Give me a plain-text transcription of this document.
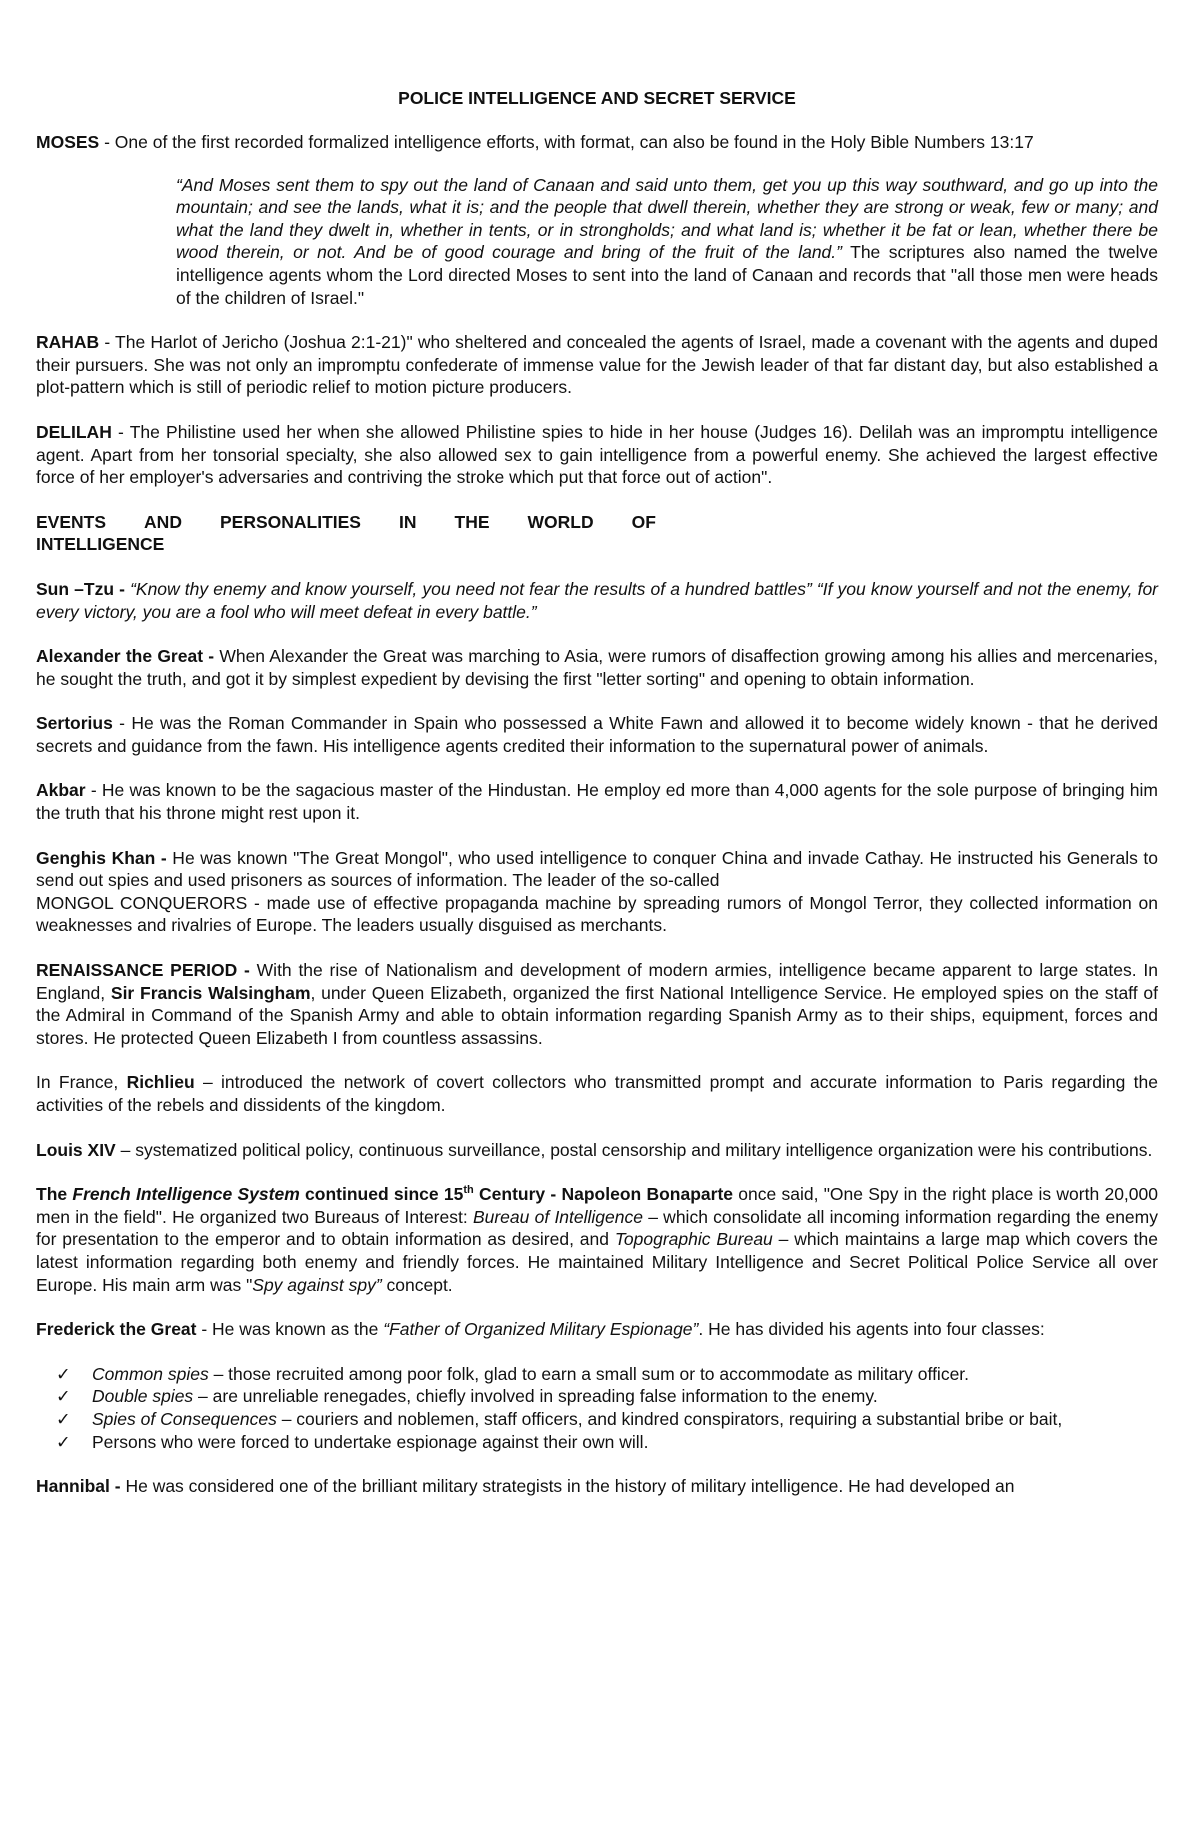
POLICE INTELLIGENCE AND SECRET SERVICE

MOSES - One of the first recorded formalized intelligence efforts, with format, can also be found in the Holy Bible Numbers 13:17

“And Moses sent them to spy out the land of Canaan and said unto them, get you up this way southward, and go up into the mountain; and see the lands, what it is; and the people that dwell therein, whether they are strong or weak, few or many; and what the land they dwelt in, whether in tents, or in strongholds; and what land is; whether it be fat or lean, whether there be wood therein, or not. And be of good courage and bring of the fruit of the land.” The scriptures also named the twelve intelligence agents whom the Lord directed Moses to sent into the land of Canaan and records that "all those men were heads of the children of Israel."

RAHAB - The Harlot of Jericho (Joshua 2:1-21)" who sheltered and concealed the agents of Israel, made a covenant with the agents and duped their pursuers. She was not only an impromptu confederate of immense value for the Jewish leader of that far distant day, but also established a plot-pattern which is still of periodic relief to motion picture producers.

DELILAH - The Philistine used her when she allowed Philistine spies to hide in her house (Judges 16). Delilah was an impromptu intelligence agent. Apart from her tonsorial specialty, she also allowed sex to gain intelligence from a powerful enemy. She achieved the largest effective force of her employer's adversaries and contriving the stroke which put that force out of action".

EVENTS AND PERSONALITIES IN THE WORLD OF
INTELLIGENCE

Sun –Tzu - “Know thy enemy and know yourself, you need not fear the results of a hundred battles” “If you know yourself and not the enemy, for every victory, you are a fool who will meet defeat in every battle.”

Alexander the Great - When Alexander the Great was marching to Asia, were rumors of disaffection growing among his allies and mercenaries, he sought the truth, and got it by simplest expedient by devising the first "letter sorting" and opening to obtain information.

Sertorius - He was the Roman Commander in Spain who possessed a White Fawn and allowed it to become widely known - that he derived secrets and guidance from the fawn. His intelligence agents credited their information to the supernatural power of animals.

Akbar - He was known to be the sagacious master of the Hindustan. He employ ed more than 4,000 agents for the sole purpose of bringing him the truth that his throne might rest upon it.

Genghis Khan - He was known "The Great Mongol", who used intelligence to conquer China and invade Cathay. He instructed his Generals to send out spies and used prisoners as sources of information. The leader of the so-called
MONGOL CONQUERORS - made use of effective propaganda machine by spreading rumors of Mongol Terror, they collected information on weaknesses and rivalries of Europe. The leaders usually disguised as merchants.

RENAISSANCE PERIOD - With the rise of Nationalism and development of modern armies, intelligence became apparent to large states. In England, Sir Francis Walsingham, under Queen Elizabeth, organized the first National Intelligence Service. He employed spies on the staff of the Admiral in Command of the Spanish Army and able to obtain information regarding Spanish Army as to their ships, equipment, forces and stores. He protected Queen Elizabeth I from countless assassins.

In France, Richlieu – introduced the network of covert collectors who transmitted prompt and accurate information to Paris regarding the activities of the rebels and dissidents of the kingdom.

Louis XIV – systematized political policy, continuous surveillance, postal censorship and military intelligence organization were his contributions.

The French Intelligence System continued since 15th Century - Napoleon Bonaparte once said, "One Spy in the right place is worth 20,000 men in the field". He organized two Bureaus of Interest: Bureau of Intelligence – which consolidate all incoming information regarding the enemy for presentation to the emperor and to obtain information as desired, and Topographic Bureau – which maintains a large map which covers the latest information regarding both enemy and friendly forces. He maintained Military Intelligence and Secret Political Police Service all over Europe. His main arm was "Spy against spy” concept.

Frederick the Great - He was known as the “Father of Organized Military Espionage”. He has divided his agents into four classes:

✓ Common spies – those recruited among poor folk, glad to earn a small sum or to accommodate as military officer.
✓ Double spies – are unreliable renegades, chiefly involved in spreading false information to the enemy.
✓ Spies of Consequences – couriers and noblemen, staff officers, and kindred conspirators, requiring a substantial bribe or bait,
✓ Persons who were forced to undertake espionage against their own will.

Hannibal - He was considered one of the brilliant military strategists in the history of military intelligence. He had developed an
